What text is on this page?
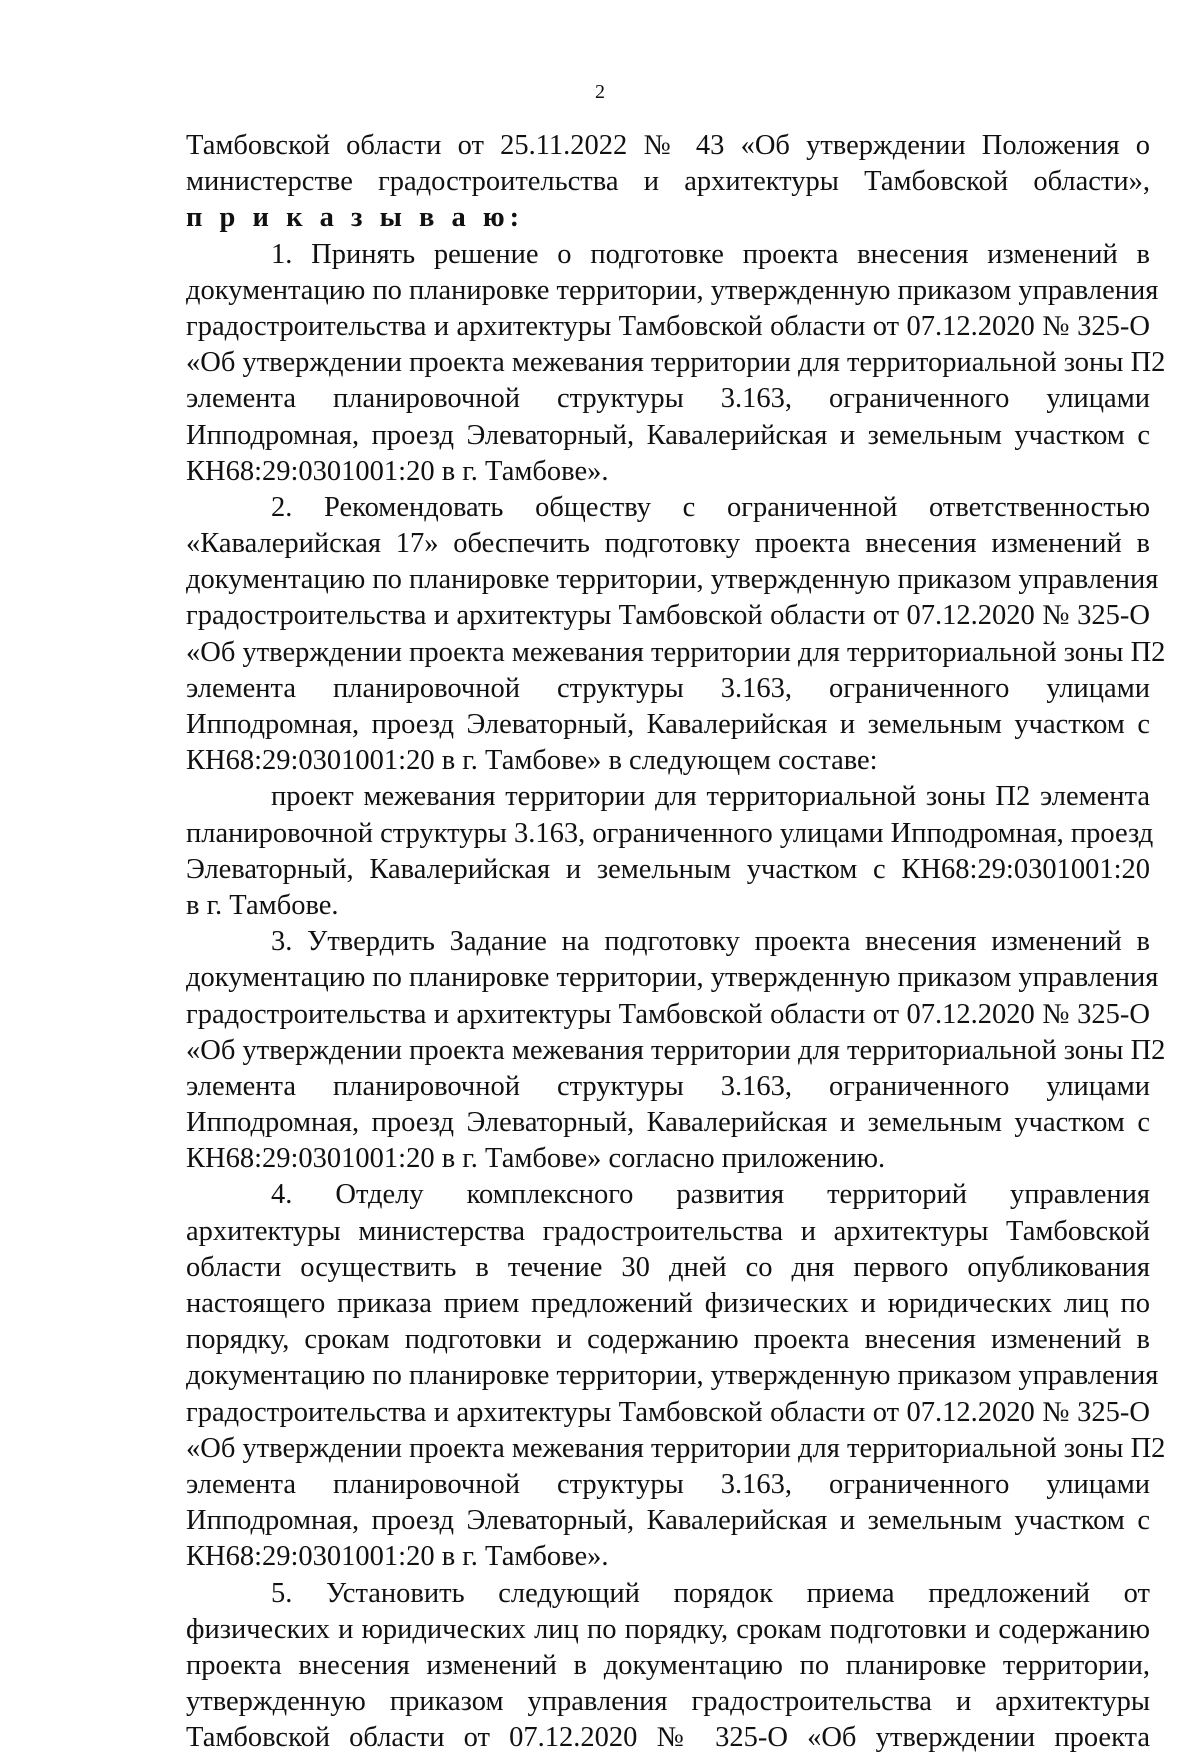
2
Тамбовской области от 25.11.2022 № 43 «Об утверждении Положения о
министерстве градостроительства и архитектуры Тамбовской области»,
п р и к а з ы в а ю:
1. Принять решение о подготовке проекта внесения изменений в
документацию по планировке территории, утвержденную приказом управления
градостроительства и архитектуры Тамбовской области от 07.12.2020 № 325-О
«Об утверждении проекта межевания территории для территориальной зоны П2
элемента планировочной структуры 3.163, ограниченного улицами
Ипподромная, проезд Элеваторный, Кавалерийская и земельным участком с
КН68:29:0301001:20 в г. Тамбове».
2. Рекомендовать обществу с ограниченной ответственностью
«Кавалерийская 17» обеспечить подготовку проекта внесения изменений в
документацию по планировке территории, утвержденную приказом управления
градостроительства и архитектуры Тамбовской области от 07.12.2020 № 325-О
«Об утверждении проекта межевания территории для территориальной зоны П2
элемента планировочной структуры 3.163, ограниченного улицами
Ипподромная, проезд Элеваторный, Кавалерийская и земельным участком с
КН68:29:0301001:20 в г. Тамбове» в следующем составе:
проект межевания территории для территориальной зоны П2 элемента
планировочной структуры 3.163, ограниченного улицами Ипподромная, проезд
Элеваторный, Кавалерийская и земельным участком с КН68:29:0301001:20
в г. Тамбове.
3. Утвердить Задание на подготовку проекта внесения изменений в
документацию по планировке территории, утвержденную приказом управления
градостроительства и архитектуры Тамбовской области от 07.12.2020 № 325-О
«Об утверждении проекта межевания территории для территориальной зоны П2
элемента планировочной структуры 3.163, ограниченного улицами
Ипподромная, проезд Элеваторный, Кавалерийская и земельным участком с
КН68:29:0301001:20 в г. Тамбове» согласно приложению.
4. Отделу комплексного развития территорий управления
архитектуры министерства градостроительства и архитектуры Тамбовской
области осуществить в течение 30 дней со дня первого опубликования
настоящего приказа прием предложений физических и юридических лиц по
порядку, срокам подготовки и содержанию проекта внесения изменений в
документацию по планировке территории, утвержденную приказом управления
градостроительства и архитектуры Тамбовской области от 07.12.2020 № 325-О
«Об утверждении проекта межевания территории для территориальной зоны П2
элемента планировочной структуры 3.163, ограниченного улицами
Ипподромная, проезд Элеваторный, Кавалерийская и земельным участком с
КН68:29:0301001:20 в г. Тамбове».
5. Установить следующий порядок приема предложений от
физических и юридических лиц по порядку, срокам подготовки и содержанию
проекта внесения изменений в документацию по планировке территории,
утвержденную приказом управления градостроительства и архитектуры
Тамбовской области от 07.12.2020 № 325-О «Об утверждении проекта
